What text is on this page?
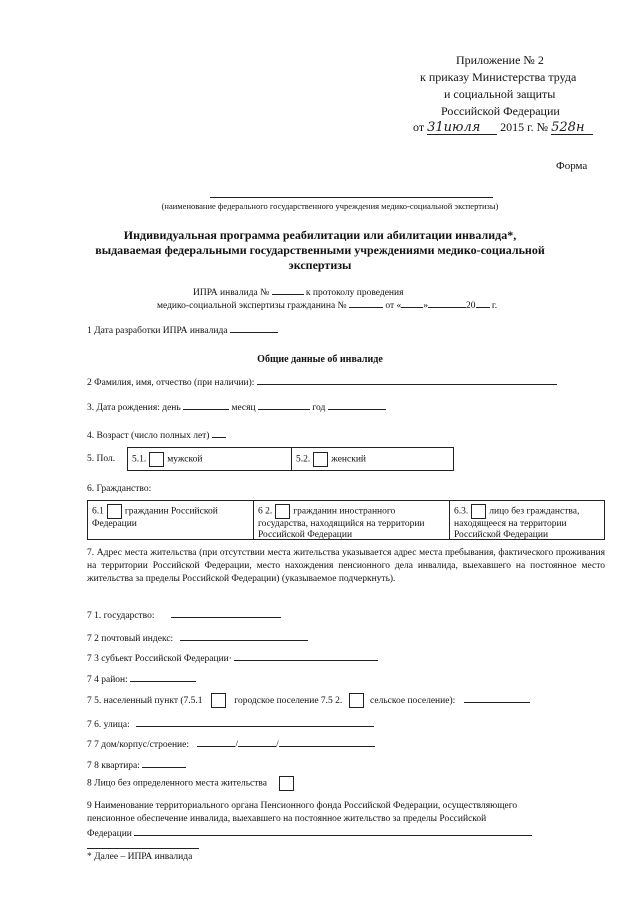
Приложение № 2
к приказу Министерства труда
и социальной защиты
Российской Федерации
от 31июля 2015 г. № 528н
Форма
(наименование федерального государственного учреждения медико-социальной экспертизы)
Индивидуальная программа реабилитации или абилитации инвалида*,
выдаваемая федеральными государственными учреждениями медико-социальной
экспертизы
ИПРА инвалида №	к протоколу проведения
медико-социальной экспертизы гражданина №	от « »	20 г.
1 Дата разработки ИПРА инвалида
Общие данные об инвалиде
2 Фамилия, имя, отчество (при наличии):
3. Дата рождения: день	месяц	год
4. Возраст (число полных лет)
5. Пол.	5.1. мужской	5.2. женский
6. Гражданство:
6.1 гражданин Российской Федерации
6 2. гражданин иностранного государства, находящийся на территории Российской Федерации
6.3. лицо без гражданства, находящееся на территории Российской Федерации
7. Адрес места жительства (при отсутствии места жительства указывается адрес места пребывания, фактического проживания на территории Российской Федерации, место нахождения пенсионного дела инвалида, выехавшего на постоянное место жительства за пределы Российской Федерации) (указываемое подчеркнуть).
7 1. государство:
7 2 почтовый индекс:
7 3 субъект Российской Федерации·
7 4 район:
7 5. населенный пункт (7.5.1	городское поселение 7.5 2.	сельское поселение):
7 6. улица:
7 7 дом/корпус/строение:	/	/
7 8 квартира:
8 Лицо без определенного места жительства
9 Наименование территориального органа Пенсионного фонда Российской Федерации, осуществляющего
пенсионное обеспечение инвалида, выехавшего на постоянное жительство за пределы Российской
Федерации
* Далее – ИПРА инвалида
